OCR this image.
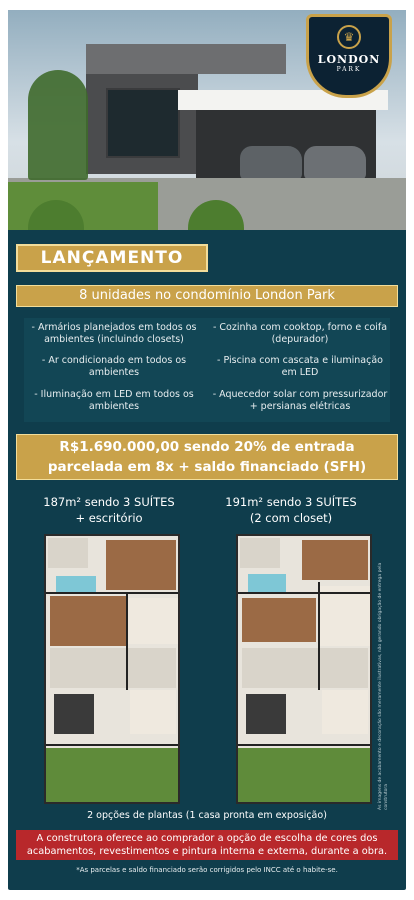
♛
LONDON
PARK
LANÇAMENTO
8 unidades no condomínio London Park
- Armários planejados em todos os ambientes (incluindo closets)
- Cozinha com cooktop, forno e coifa (depurador)
- Ar condicionado em todos os ambientes
- Piscina com cascata e iluminação em LED
- Iluminação em LED em todos os ambientes
- Aquecedor solar com pressurizador + persianas elétricas
R$1.690.000,00 sendo 20% de entrada
parcelada em 8x + saldo financiado (SFH)
187m² sendo 3 SUÍTES
+ escritório
191m² sendo 3 SUÍTES
(2 com closet)
As imagens de acabamento e decoração são meramente ilustrativas, não gerando obrigação de entrega pela construtora
2 opções de plantas (1 casa pronta em exposição)
A construtora oferece ao comprador a opção de escolha de cores dos acabamentos, revestimentos e pintura interna e externa, durante a obra.
*As parcelas e saldo financiado serão corrigidos pelo INCC até o habite-se.
